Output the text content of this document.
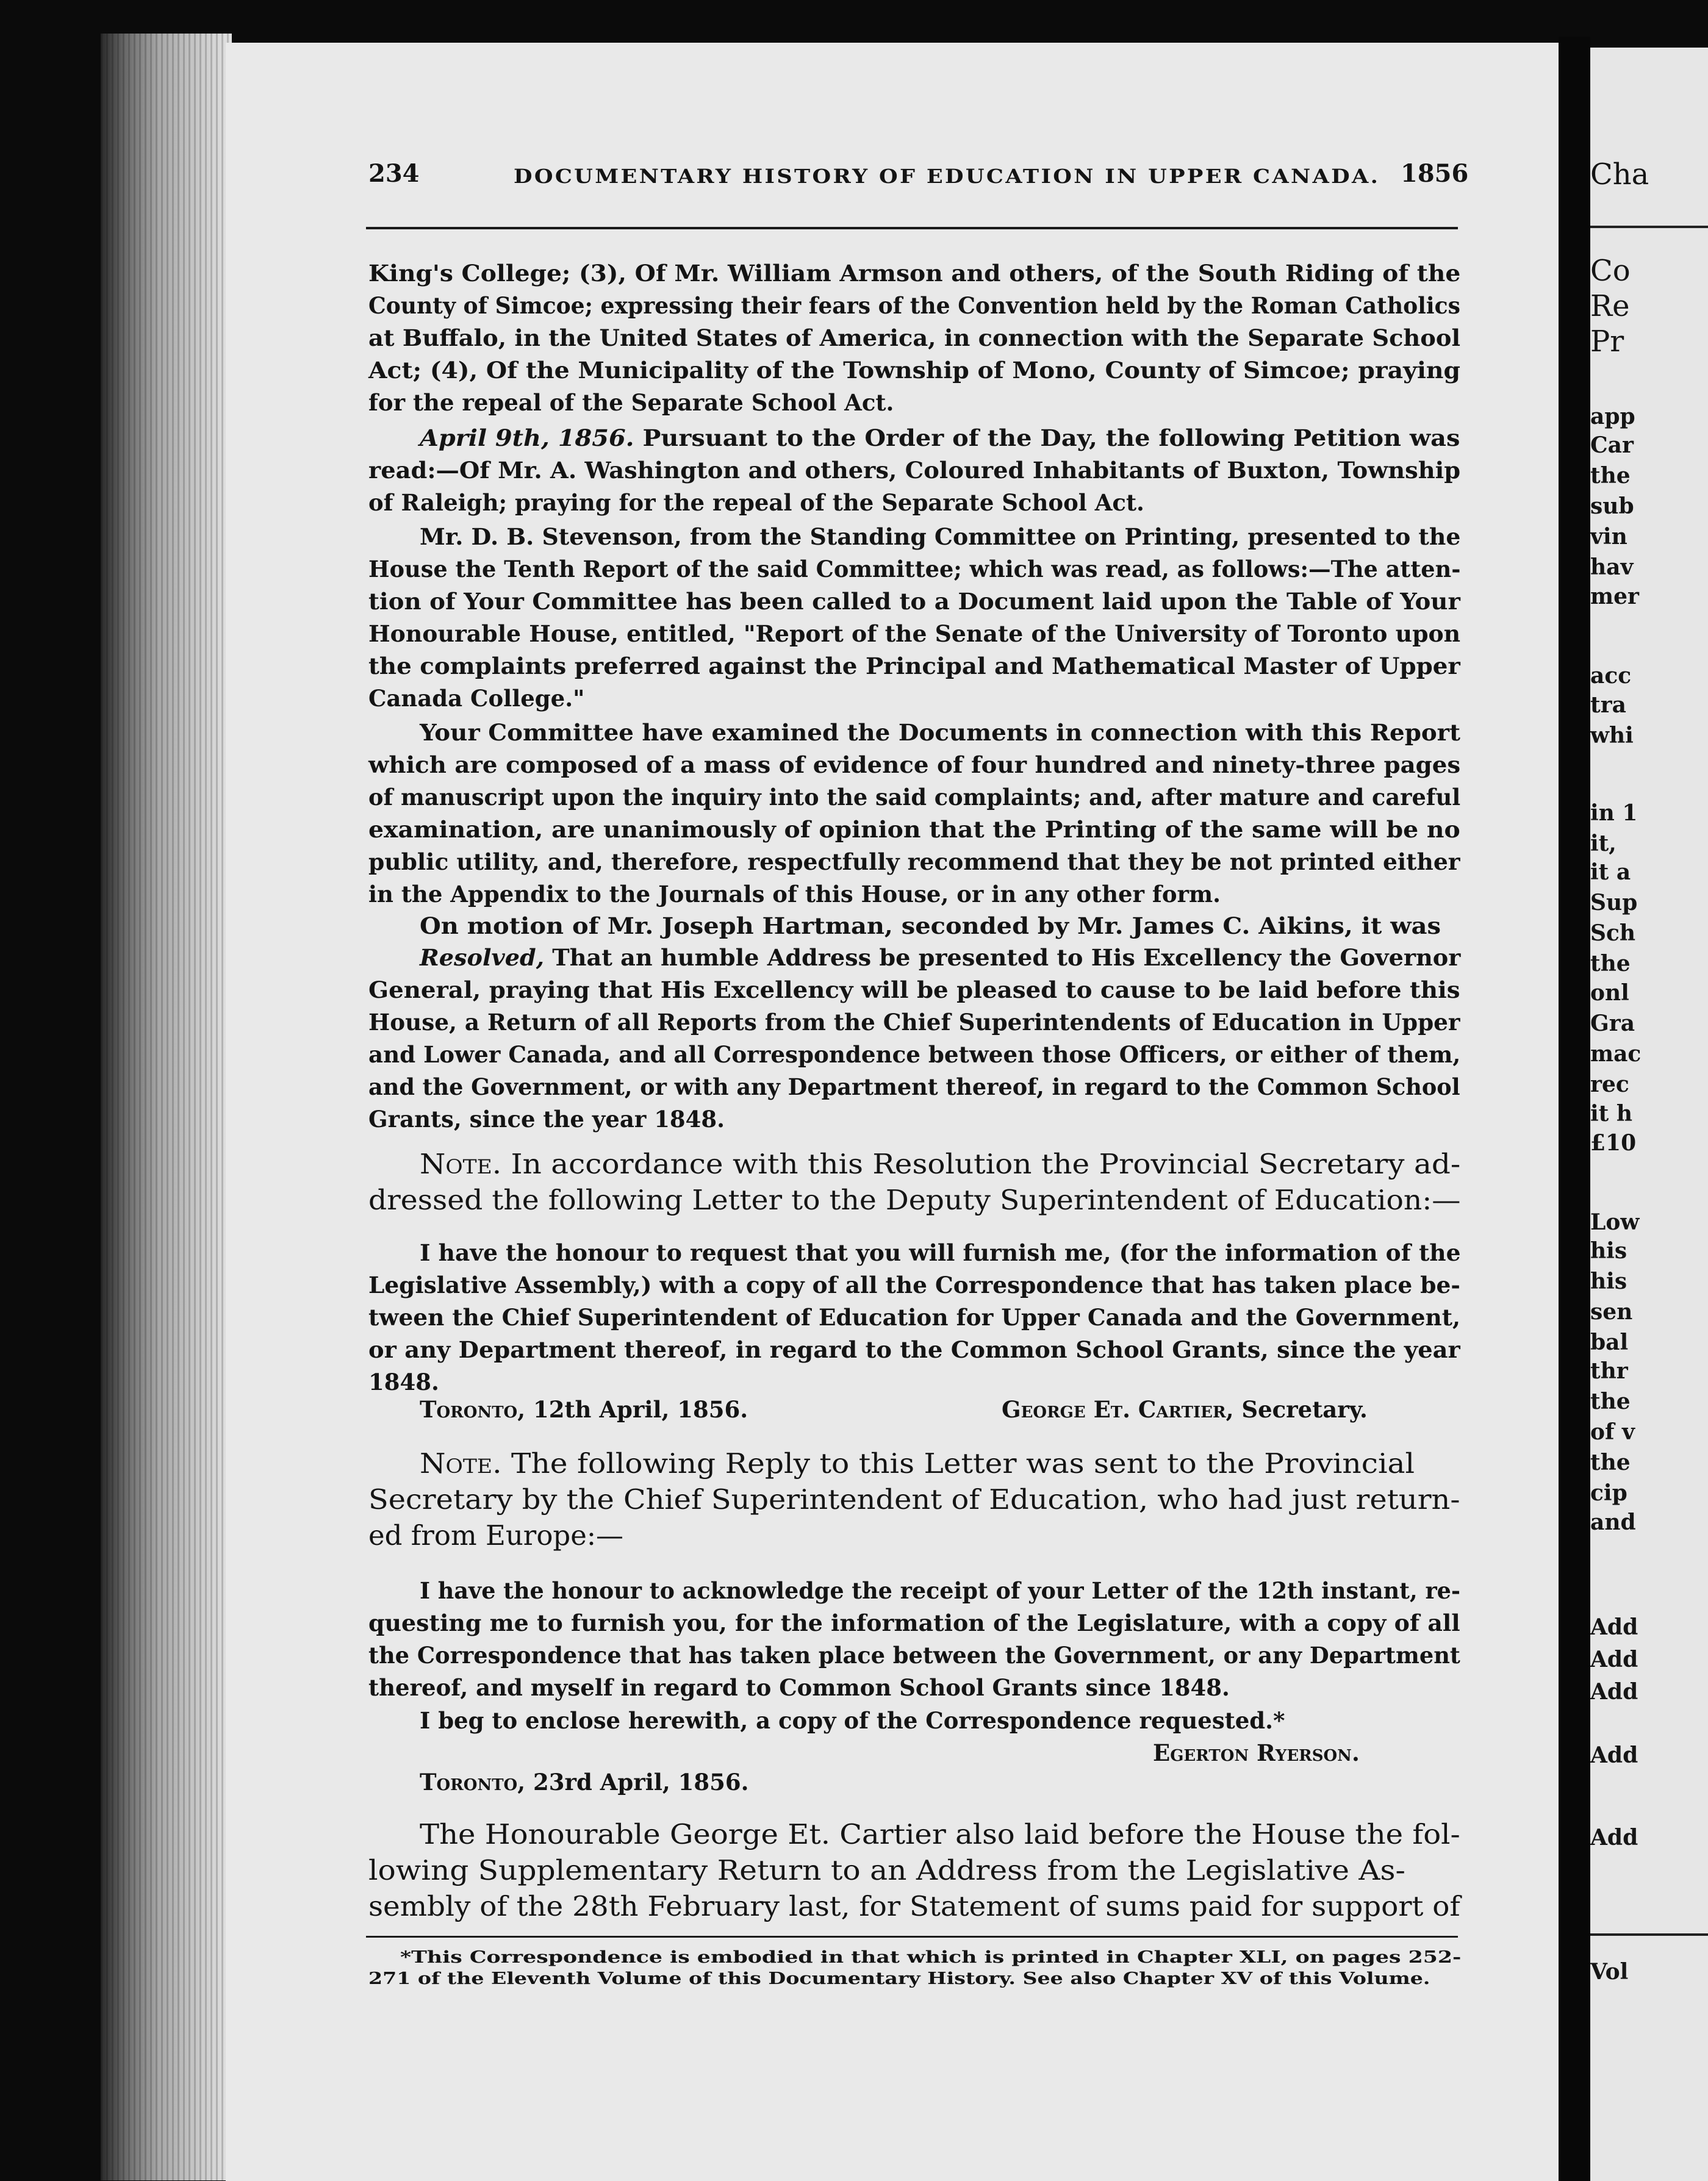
Cha
Co
Re
Pr
app
Car
the
sub
vin
hav
mer
acc
tra
whi
in 1
it,
it a
Sup
Sch
the
onl
Gra
mac
rec
it h
£10
Low
his
his
sen
bal
thr
the
of v
the
cip
and
Add
Add
Add
Add
Add
Vol
234	DOCUMENTARY HISTORY OF EDUCATION IN UPPER CANADA. 1856
King's College; (3), Of Mr. William Armson and others, of the South Riding of the
County of Simcoe; expressing their fears of the Convention held by the Roman Catholics
at Buffalo, in the United States of America, in connection with the Separate School
Act; (4), Of the Municipality of the Township of Mono, County of Simcoe; praying
for the repeal of the Separate School Act.
April 9th, 1856. Pursuant to the Order of the Day, the following Petition was
read:—Of Mr. A. Washington and others, Coloured Inhabitants of Buxton, Township
of Raleigh; praying for the repeal of the Separate School Act.
Mr. D. B. Stevenson, from the Standing Committee on Printing, presented to the
House the Tenth Report of the said Committee; which was read, as follows:—The atten-
tion of Your Committee has been called to a Document laid upon the Table of Your
Honourable House, entitled, "Report of the Senate of the University of Toronto upon
the complaints preferred against the Principal and Mathematical Master of Upper
Canada College."
Your Committee have examined the Documents in connection with this Report
which are composed of a mass of evidence of four hundred and ninety-three pages
of manuscript upon the inquiry into the said complaints; and, after mature and careful
examination, are unanimously of opinion that the Printing of the same will be no
public utility, and, therefore, respectfully recommend that they be not printed either
in the Appendix to the Journals of this House, or in any other form.
On motion of Mr. Joseph Hartman, seconded by Mr. James C. Aikins, it was
Resolved, That an humble Address be presented to His Excellency the Governor
General, praying that His Excellency will be pleased to cause to be laid before this
House, a Return of all Reports from the Chief Superintendents of Education in Upper
and Lower Canada, and all Correspondence between those Officers, or either of them,
and the Government, or with any Department thereof, in regard to the Common School
Grants, since the year 1848.
Note. In accordance with this Resolution the Provincial Secretary ad-
dressed the following Letter to the Deputy Superintendent of Education:—
I have the honour to request that you will furnish me, (for the information of the
Legislative Assembly,) with a copy of all the Correspondence that has taken place be-
tween the Chief Superintendent of Education for Upper Canada and the Government,
or any Department thereof, in regard to the Common School Grants, since the year
1848.
Toronto, 12th April, 1856.	George Et. Cartier, Secretary.
Note. The following Reply to this Letter was sent to the Provincial
Secretary by the Chief Superintendent of Education, who had just return-
ed from Europe:—
I have the honour to acknowledge the receipt of your Letter of the 12th instant, re-
questing me to furnish you, for the information of the Legislature, with a copy of all
the Correspondence that has taken place between the Government, or any Department
thereof, and myself in regard to Common School Grants since 1848.
I beg to enclose herewith, a copy of the Correspondence requested.*
Egerton Ryerson.
Toronto, 23rd April, 1856.
The Honourable George Et. Cartier also laid before the House the fol-
lowing Supplementary Return to an Address from the Legislative As-
sembly of the 28th February last, for Statement of sums paid for support of
*This Correspondence is embodied in that which is printed in Chapter XLI, on pages 252-
271 of the Eleventh Volume of this Documentary History. See also Chapter XV of this Volume.
